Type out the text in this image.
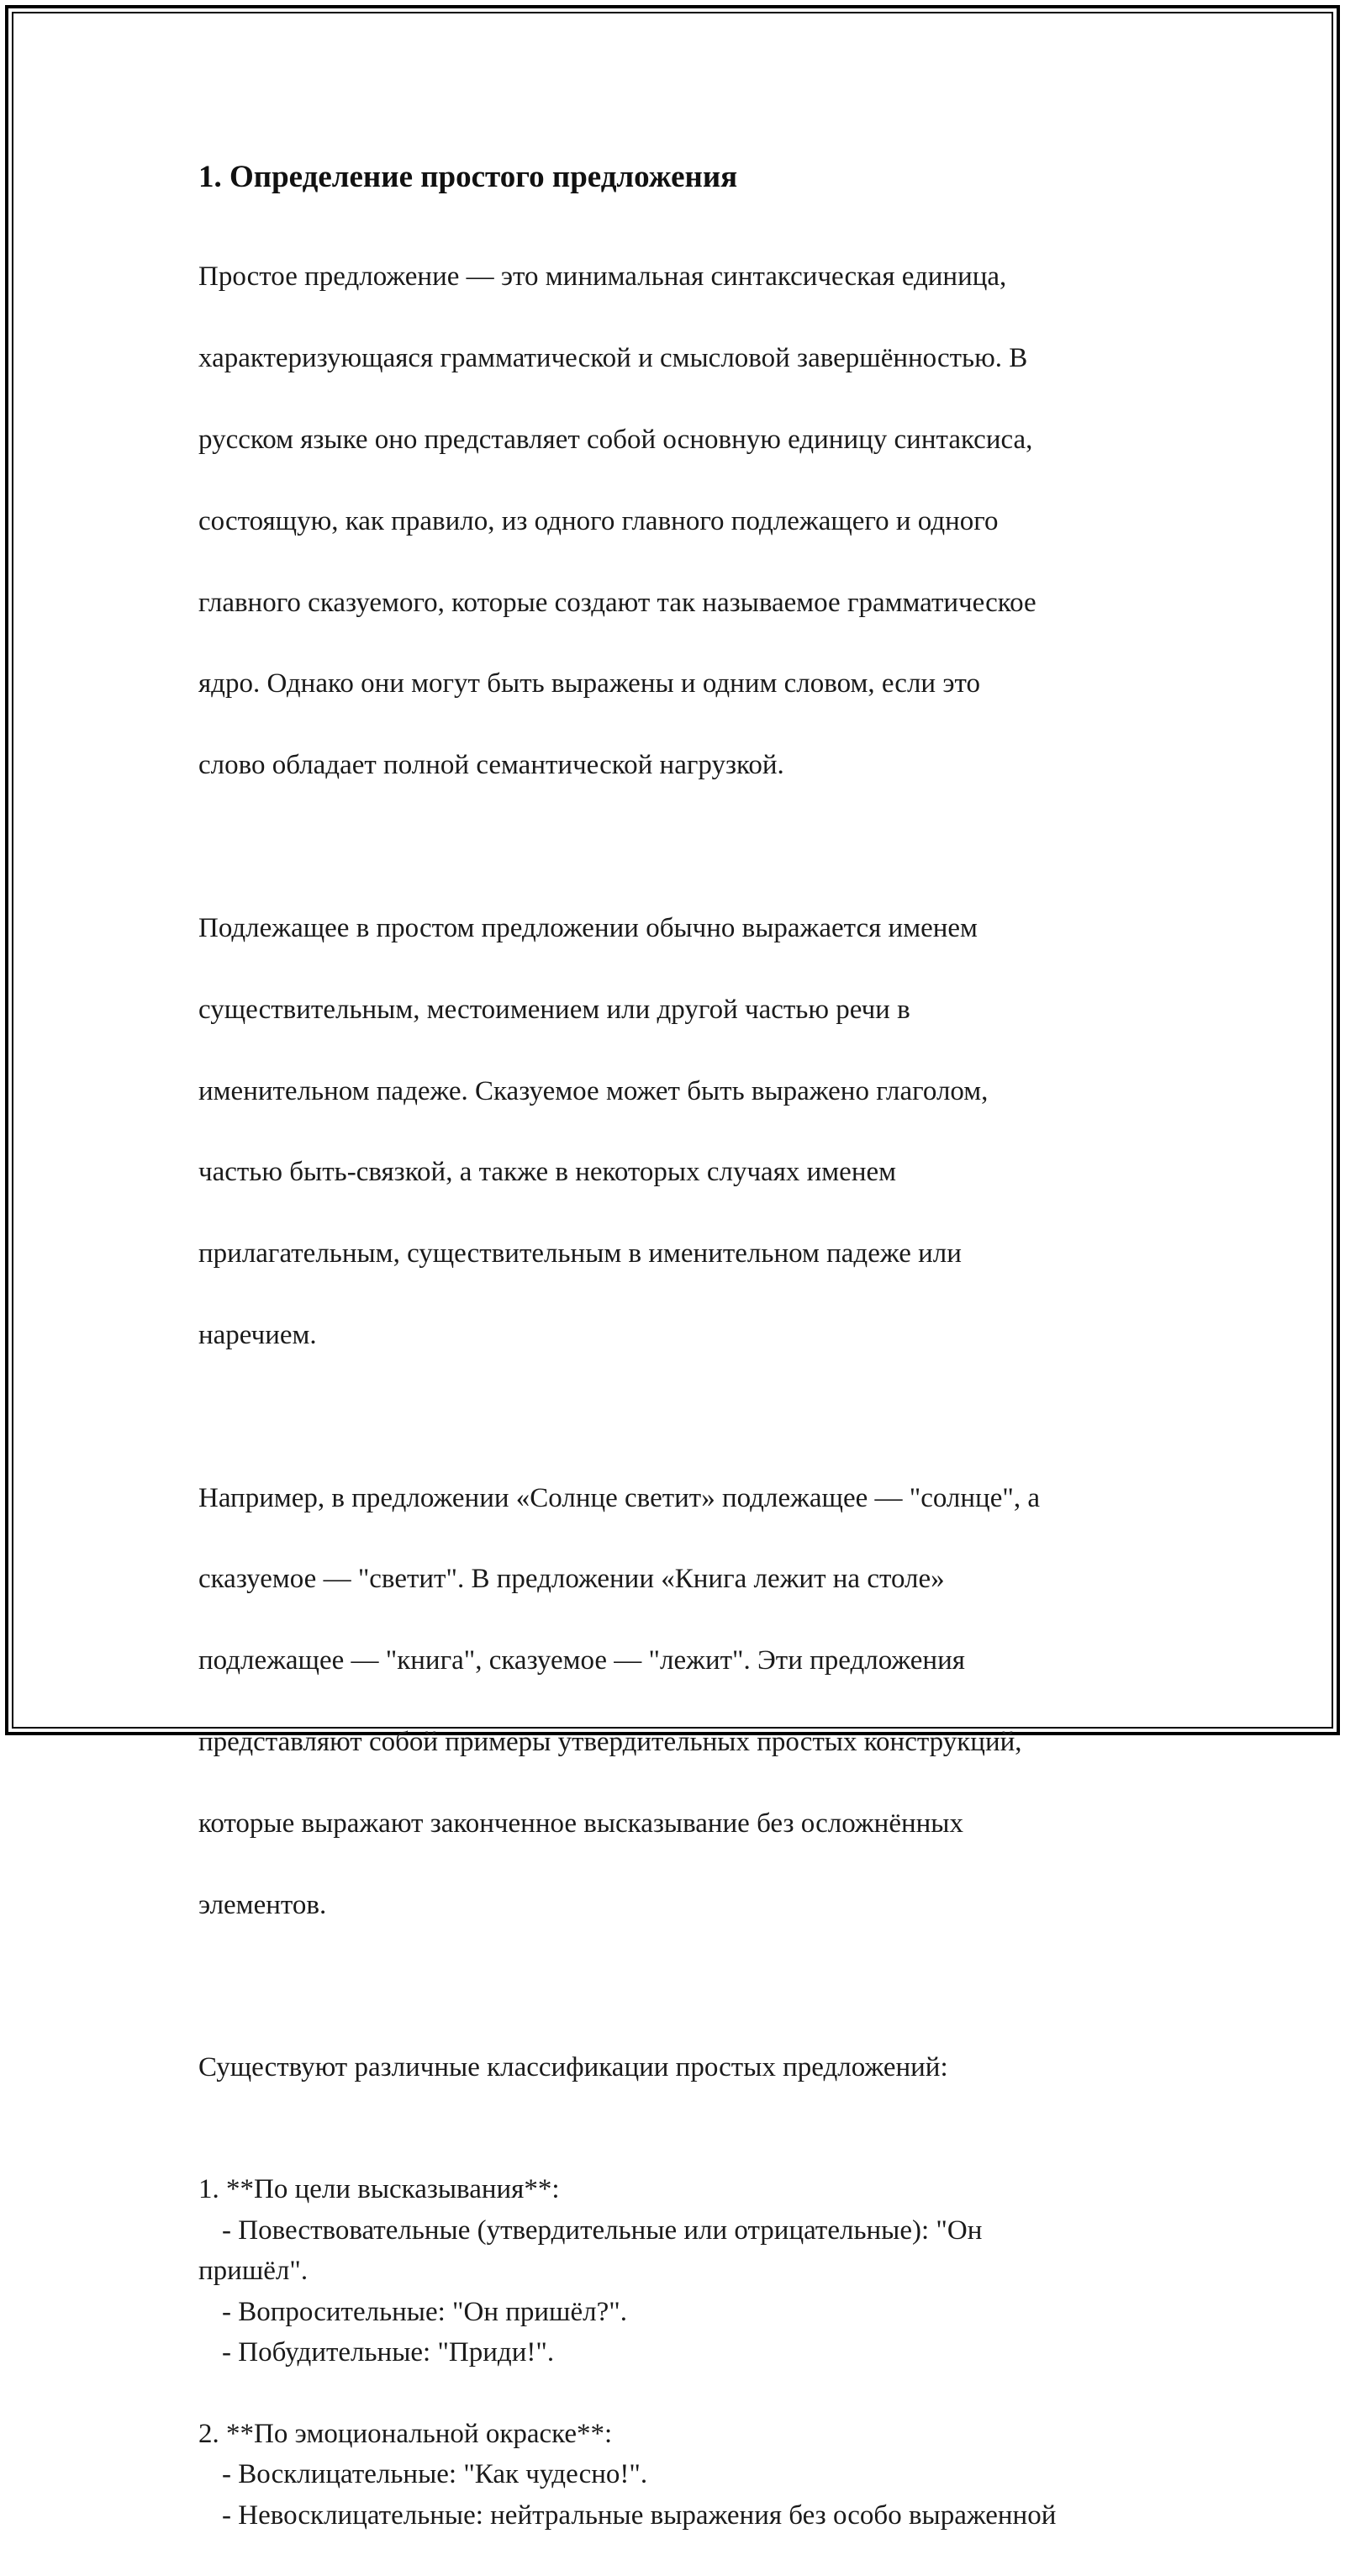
1. Определение простого предложения

Простое предложение — это минимальная синтаксическая единица,

характеризующаяся грамматической и смысловой завершённостью. В

русском языке оно представляет собой основную единицу синтаксиса,

состоящую, как правило, из одного главного подлежащего и одного

главного сказуемого, которые создают так называемое грамматическое

ядро. Однако они могут быть выражены и одним словом, если это

слово обладает полной семантической нагрузкой.

Подлежащее в простом предложении обычно выражается именем

существительным, местоимением или другой частью речи в

именительном падеже. Сказуемое может быть выражено глаголом,

частью быть-связкой, а также в некоторых случаях именем

прилагательным, существительным в именительном падеже или

наречием.

Например, в предложении «Солнце светит» подлежащее — "солнце", а

сказуемое — "светит". В предложении «Книга лежит на столе»

подлежащее — "книга", сказуемое — "лежит". Эти предложения

представляют собой примеры утвердительных простых конструкций,

которые выражают законченное высказывание без осложнённых

элементов.

Существуют различные классификации простых предложений:

1. **По цели высказывания**:
- Повествовательные (утвердительные или отрицательные): "Он
пришёл".
- Вопросительные: "Он пришёл?".
- Побудительные: "Приди!".
2. **По эмоциональной окраске**:
- Восклицательные: "Как чудесно!".
- Невосклицательные: нейтральные выражения без особо выраженной
